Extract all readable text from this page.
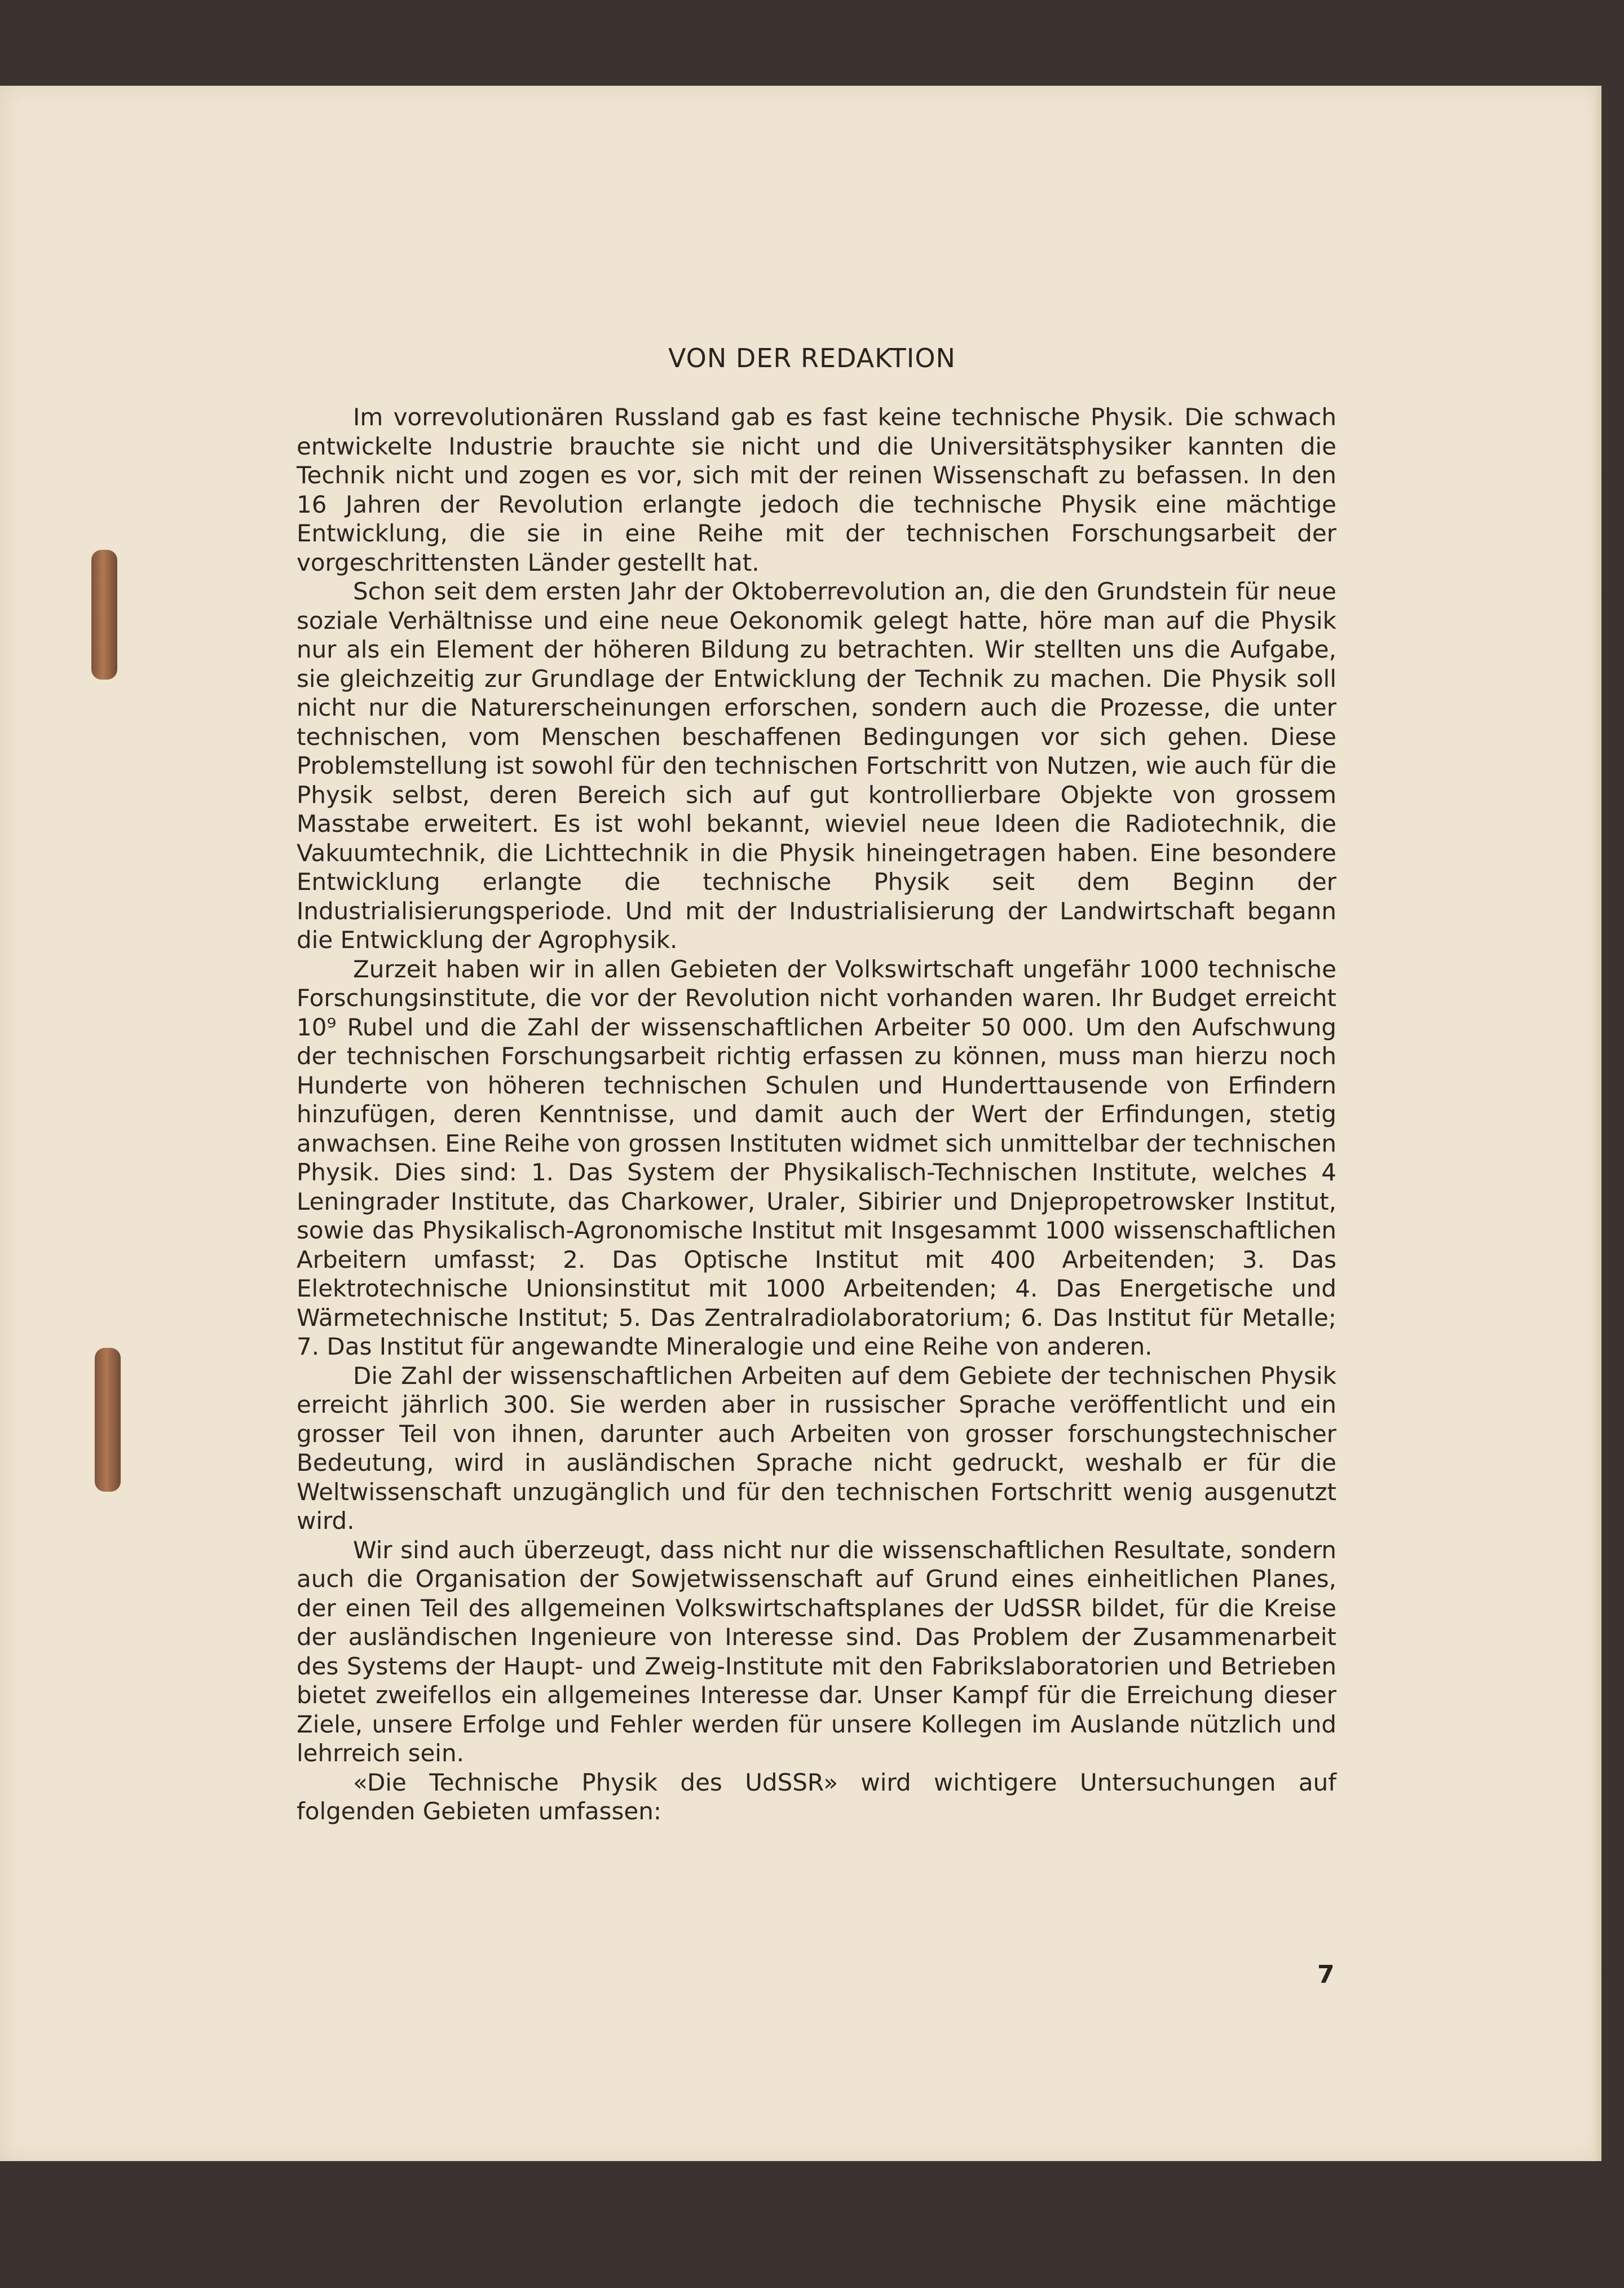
VON DER REDAKTION

Im vorrevolutionären Russland gab es fast keine technische Physik. Die schwach entwickelte Industrie brauchte sie nicht und die Universitätsphysiker kannten die Technik nicht und zogen es vor, sich mit der reinen Wissenschaft zu befassen. In den 16 Jahren der Revolution erlangte jedoch die technische Physik eine mächtige Entwicklung, die sie in eine Reihe mit der technischen Forschungsarbeit der vorgeschrittensten Länder gestellt hat.

Schon seit dem ersten Jahr der Oktoberrevolution an, die den Grundstein für neue soziale Verhältnisse und eine neue Oekonomik gelegt hatte, höre man auf die Physik nur als ein Element der höheren Bildung zu betrachten. Wir stellten uns die Aufgabe, sie gleichzeitig zur Grundlage der Entwicklung der Technik zu machen. Die Physik soll nicht nur die Naturerscheinungen erforschen, sondern auch die Prozesse, die unter technischen, vom Menschen beschaffenen Bedingungen vor sich gehen. Diese Problemstellung ist sowohl für den technischen Fortschritt von Nutzen, wie auch für die Physik selbst, deren Bereich sich auf gut kontrollierbare Objekte von grossem Masstabe erweitert. Es ist wohl bekannt, wieviel neue Ideen die Radiotechnik, die Vakuumtechnik, die Lichttechnik in die Physik hineingetragen haben. Eine besondere Entwicklung erlangte die technische Physik seit dem Beginn der Industrialisierungsperiode. Und mit der Industrialisierung der Landwirtschaft begann die Entwicklung der Agrophysik.

Zurzeit haben wir in allen Gebieten der Volkswirtschaft ungefähr 1000 technische Forschungsinstitute, die vor der Revolution nicht vorhanden waren. Ihr Budget erreicht 10⁹ Rubel und die Zahl der wissenschaftlichen Arbeiter 50 000. Um den Aufschwung der technischen Forschungsarbeit richtig erfassen zu können, muss man hierzu noch Hunderte von höheren technischen Schulen und Hunderttausende von Erfindern hinzufügen, deren Kenntnisse, und damit auch der Wert der Erfindungen, stetig anwachsen. Eine Reihe von grossen Instituten widmet sich unmittelbar der technischen Physik. Dies sind: 1. Das System der Physikalisch-Technischen Institute, welches 4 Leningrader Institute, das Charkower, Uraler, Sibirier und Dnjepropetrowsker Institut, sowie das Physikalisch-Agronomische Institut mit Insgesammt 1000 wissenschaftlichen Arbeitern umfasst; 2. Das Optische Institut mit 400 Arbeitenden; 3. Das Elektrotechnische Unionsinstitut mit 1000 Arbeitenden; 4. Das Energetische und Wärmetechnische Institut; 5. Das Zentralradiolaboratorium; 6. Das Institut für Metalle; 7. Das Institut für angewandte Mineralogie und eine Reihe von anderen.

Die Zahl der wissenschaftlichen Arbeiten auf dem Gebiete der technischen Physik erreicht jährlich 300. Sie werden aber in russischer Sprache veröffentlicht und ein grosser Teil von ihnen, darunter auch Arbeiten von grosser forschungstechnischer Bedeutung, wird in ausländischen Sprache nicht gedruckt, weshalb er für die Weltwissenschaft unzugänglich und für den technischen Fortschritt wenig ausgenutzt wird.

Wir sind auch überzeugt, dass nicht nur die wissenschaftlichen Resultate, sondern auch die Organisation der Sowjetwissenschaft auf Grund eines einheitlichen Planes, der einen Teil des allgemeinen Volkswirtschaftsplanes der UdSSR bildet, für die Kreise der ausländischen Ingenieure von Interesse sind. Das Problem der Zusammenarbeit des Systems der Haupt- und Zweig-Institute mit den Fabrikslaboratorien und Betrieben bietet zweifellos ein allgemeines Interesse dar. Unser Kampf für die Erreichung dieser Ziele, unsere Erfolge und Fehler werden für unsere Kollegen im Auslande nützlich und lehrreich sein.

«Die Technische Physik des UdSSR» wird wichtigere Untersuchungen auf folgenden Gebieten umfassen:

7
